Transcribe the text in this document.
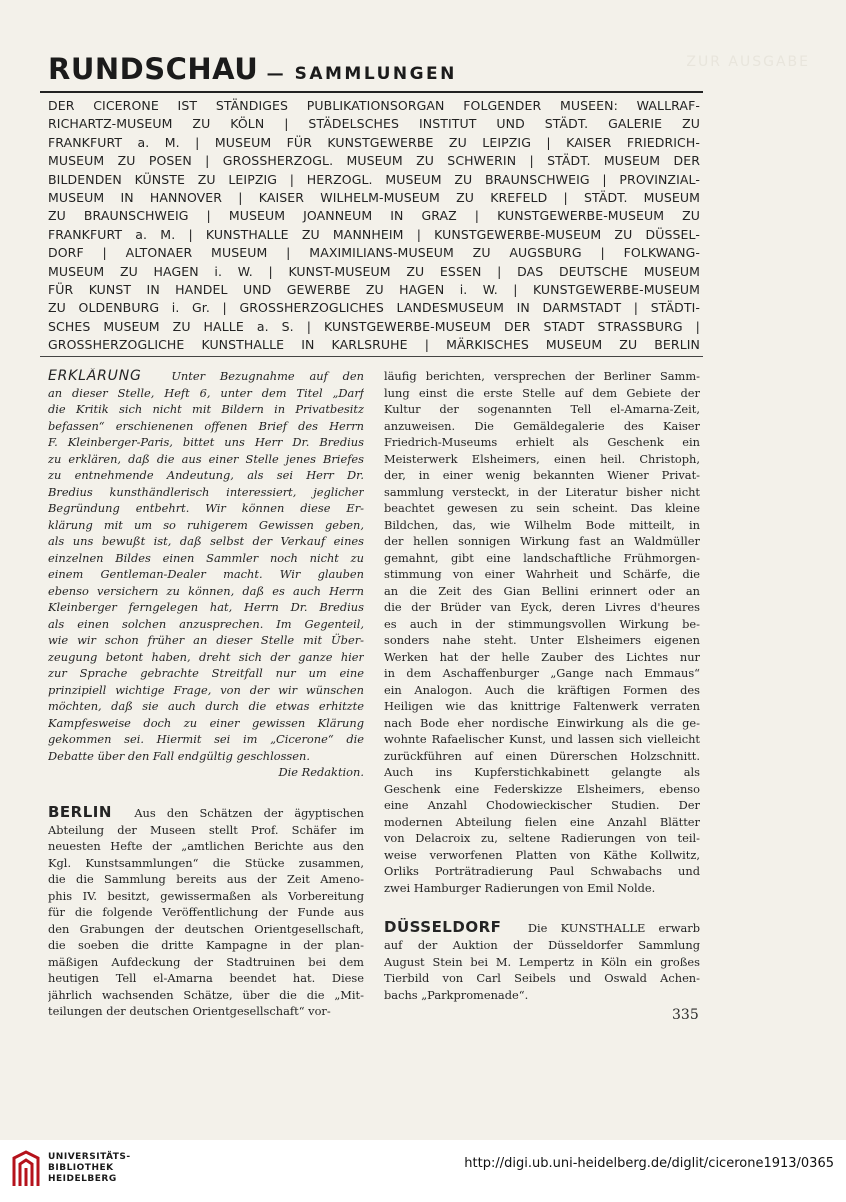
ZUR AUSGABE
RUNDSCHAU — SAMMLUNGEN
DER CICERONE IST STÄNDIGES PUBLIKATIONSORGAN FOLGENDER MUSEEN: WALLRAF-
RICHARTZ-MUSEUM ZU KÖLN | STÄDELSCHES INSTITUT UND STÄDT. GALERIE ZU
FRANKFURT a. M. | MUSEUM FÜR KUNSTGEWERBE ZU LEIPZIG | KAISER FRIEDRICH-
MUSEUM ZU POSEN | GROSSHERZOGL. MUSEUM ZU SCHWERIN | STÄDT. MUSEUM DER
BILDENDEN KÜNSTE ZU LEIPZIG | HERZOGL. MUSEUM ZU BRAUNSCHWEIG | PROVINZIAL-
MUSEUM IN HANNOVER | KAISER WILHELM-MUSEUM ZU KREFELD | STÄDT. MUSEUM
ZU BRAUNSCHWEIG | MUSEUM JOANNEUM IN GRAZ | KUNSTGEWERBE-MUSEUM ZU
FRANKFURT a. M. | KUNSTHALLE ZU MANNHEIM | KUNSTGEWERBE-MUSEUM ZU DÜSSEL-
DORF | ALTONAER MUSEUM | MAXIMILIANS-MUSEUM ZU AUGSBURG | FOLKWANG-
MUSEUM ZU HAGEN i. W. | KUNST-MUSEUM ZU ESSEN | DAS DEUTSCHE MUSEUM
FÜR KUNST IN HANDEL UND GEWERBE ZU HAGEN i. W. | KUNSTGEWERBE-MUSEUM
ZU OLDENBURG i. Gr. | GROSSHERZOGLICHES LANDESMUSEUM IN DARMSTADT | STÄDTI-
SCHES MUSEUM ZU HALLE a. S. | KUNSTGEWERBE-MUSEUM DER STADT STRASSBURG |
GROSSHERZOGLICHE KUNSTHALLE IN KARLSRUHE | MÄRKISCHES MUSEUM ZU BERLIN
ERKLÄRUNG	Unter Bezugnahme auf den
an dieser Stelle, Heft 6, unter dem Titel „Darf
die Kritik sich nicht mit Bildern in Privatbesitz
befassen“ erschienenen offenen Brief des Herrn
F. Kleinberger-Paris, bittet uns Herr Dr. Bredius
zu erklären, daß die aus einer Stelle jenes Briefes
zu entnehmende Andeutung, als sei Herr Dr.
Bredius kunsthändlerisch interessiert, jeglicher
Begründung entbehrt. Wir können diese Er-
klärung mit um so ruhigerem Gewissen geben,
als uns bewußt ist, daß selbst der Verkauf eines
einzelnen Bildes einen Sammler noch nicht zu
einem Gentleman-Dealer macht. Wir glauben
ebenso versichern zu können, daß es auch Herrn
Kleinberger ferngelegen hat, Herrn Dr. Bredius
als einen solchen anzusprechen. Im Gegenteil,
wie wir schon früher an dieser Stelle mit Über-
zeugung betont haben, dreht sich der ganze hier
zur Sprache gebrachte Streitfall nur um eine
prinzipiell wichtige Frage, von der wir wünschen
möchten, daß sie auch durch die etwas erhitzte
Kampfesweise doch zu einer gewissen Klärung
gekommen sei. Hiermit sei im „Cicerone“ die
Debatte über den Fall endgültig geschlossen.
Die Redaktion.
BERLIN Aus den Schätzen der ägyptischen
Abteilung der Museen stellt Prof. Schäfer im
neuesten Hefte der „amtlichen Berichte aus den
Kgl. Kunstsammlungen“ die Stücke zusammen,
die die Sammlung bereits aus der Zeit Ameno-
phis IV. besitzt, gewissermaßen als Vorbereitung
für die folgende Veröffentlichung der Funde aus
den Grabungen der deutschen Orientgesellschaft,
die soeben die dritte Kampagne in der plan-
mäßigen Aufdeckung der Stadtruinen bei dem
heutigen Tell el-Amarna beendet hat. Diese
jährlich wachsenden Schätze, über die die „Mit-
teilungen der deutschen Orientgesellschaft“ vor-
läufig berichten, versprechen der Berliner Samm-
lung einst die erste Stelle auf dem Gebiete der
Kultur der sogenannten Tell el-Amarna-Zeit,
anzuweisen. Die Gemäldegalerie des Kaiser
Friedrich-Museums erhielt als Geschenk ein
Meisterwerk Elsheimers, einen heil. Christoph,
der, in einer wenig bekannten Wiener Privat-
sammlung versteckt, in der Literatur bisher nicht
beachtet gewesen zu sein scheint. Das kleine
Bildchen, das, wie Wilhelm Bode mitteilt, in
der hellen sonnigen Wirkung fast an Waldmüller
gemahnt, gibt eine landschaftliche Frühmorgen-
stimmung von einer Wahrheit und Schärfe, die
an die Zeit des Gian Bellini erinnert oder an
die der Brüder van Eyck, deren Livres d'heures
es auch in der stimmungsvollen Wirkung be-
sonders nahe steht. Unter Elsheimers eigenen
Werken hat der helle Zauber des Lichtes nur
in dem Aschaffenburger „Gange nach Emmaus“
ein Analogon. Auch die kräftigen Formen des
Heiligen wie das knittrige Faltenwerk verraten
nach Bode eher nordische Einwirkung als die ge-
wohnte Rafaelischer Kunst, und lassen sich vielleicht
zurückführen auf einen Dürerschen Holzschnitt.
Auch ins Kupferstichkabinett gelangte als
Geschenk eine Federskizze Elsheimers, ebenso
eine Anzahl Chodowieckischer Studien. Der
modernen Abteilung fielen eine Anzahl Blätter
von Delacroix zu, seltene Radierungen von teil-
weise verworfenen Platten von Käthe Kollwitz,
Orliks Porträtradierung Paul Schwabachs und
zwei Hamburger Radierungen von Emil Nolde.
DÜSSELDORF Die KUNSTHALLE erwarb
auf der Auktion der Düsseldorfer Sammlung
August Stein bei M. Lempertz in Köln ein großes
Tierbild von Carl Seibels und Oswald Achen-
bachs „Parkpromenade“.
335
UNIVERSITÄTS-
BIBLIOTHEK
HEIDELBERG
http://digi.ub.uni-heidelberg.de/diglit/cicerone1913/0365
